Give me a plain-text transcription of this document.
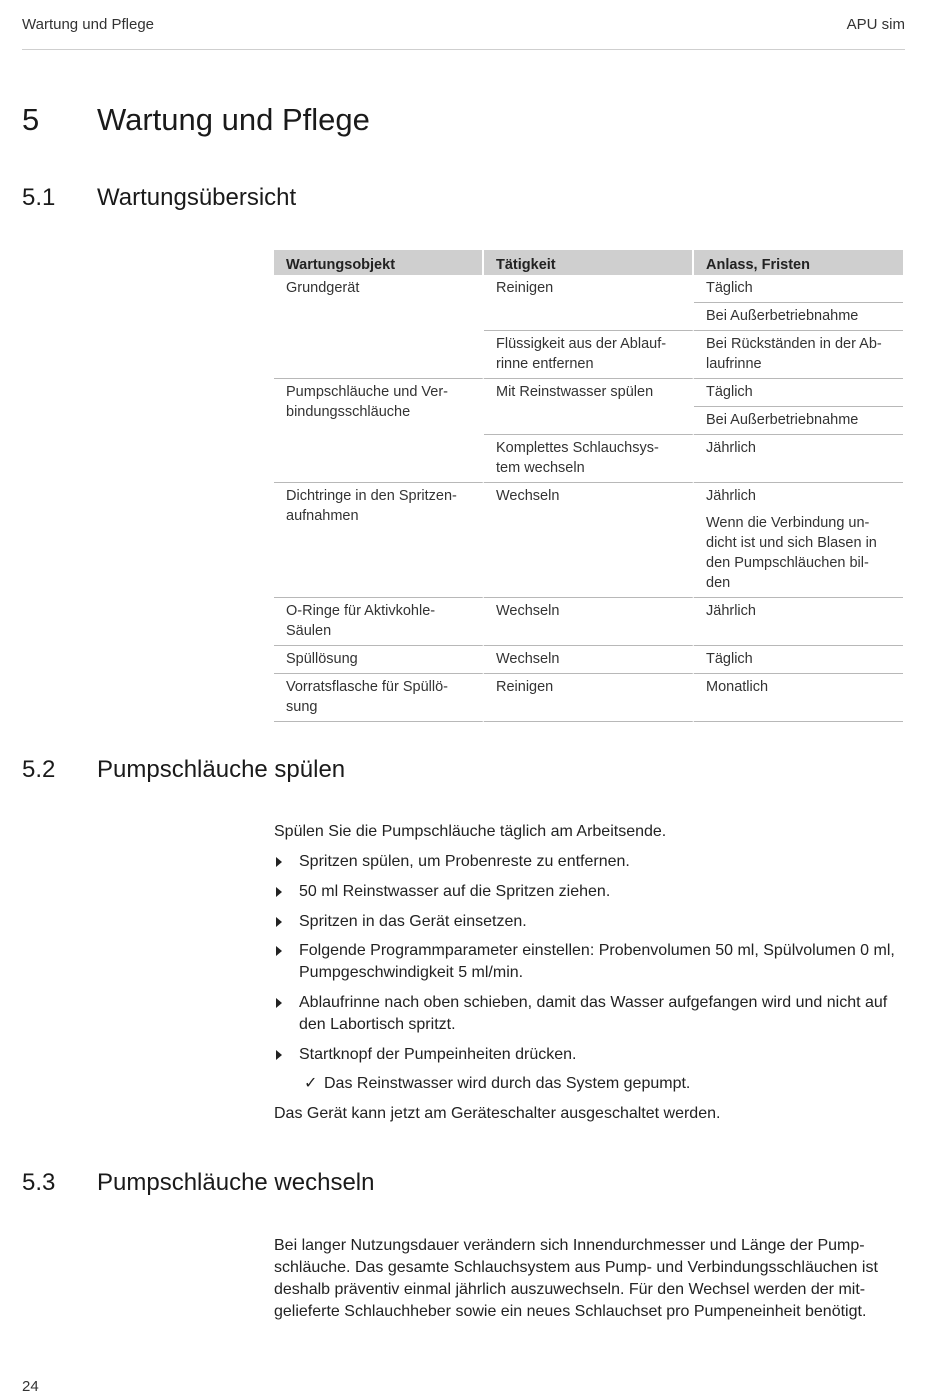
Wartung und Pflege	APU sim
5 Wartung und Pflege
5.1 Wartungsübersicht
Wartungsobjekt	Tätigkeit	Anlass, Fristen
Grundgerät	Reinigen	Täglich
		Bei Außerbetriebnahme
	Flüssigkeit aus der Ablauf-rinne entfernen	Bei Rückständen in der Ab-laufrinne
Pumpschläuche und Ver-bindungsschläuche	Mit Reinstwasser spülen	Täglich
		Bei Außerbetriebnahme
	Komplettes Schlauchsys-tem wechseln	Jährlich
Dichtringe in den Spritzen-aufnahmen	Wechseln	Jährlich
		Wenn die Verbindung un-dicht ist und sich Blasen in den Pumpschläuchen bil-den
O-Ringe für Aktivkohle-Säulen	Wechseln	Jährlich
Spüllösung	Wechseln	Täglich
Vorratsflasche für Spüllö-sung	Reinigen	Monatlich
5.2 Pumpschläuche spülen
Spülen Sie die Pumpschläuche täglich am Arbeitsende.
Spritzen spülen, um Probenreste zu entfernen.
50 ml Reinstwasser auf die Spritzen ziehen.
Spritzen in das Gerät einsetzen.
Folgende Programmparameter einstellen: Probenvolumen 50 ml, Spülvolumen 0 ml, Pumpgeschwindigkeit 5 ml/min.
Ablaufrinne nach oben schieben, damit das Wasser aufgefangen wird und nicht auf den Labortisch spritzt.
Startknopf der Pumpeinheiten drücken.
✓ Das Reinstwasser wird durch das System gepumpt.
Das Gerät kann jetzt am Geräteschalter ausgeschaltet werden.
5.3 Pumpschläuche wechseln
Bei langer Nutzungsdauer verändern sich Innendurchmesser und Länge der Pump-schläuche. Das gesamte Schlauchsystem aus Pump- und Verbindungsschläuchen ist deshalb präventiv einmal jährlich auszuwechseln. Für den Wechsel werden der mit-gelieferte Schlauchheber sowie ein neues Schlauchset pro Pumpeneinheit benötigt.
24
